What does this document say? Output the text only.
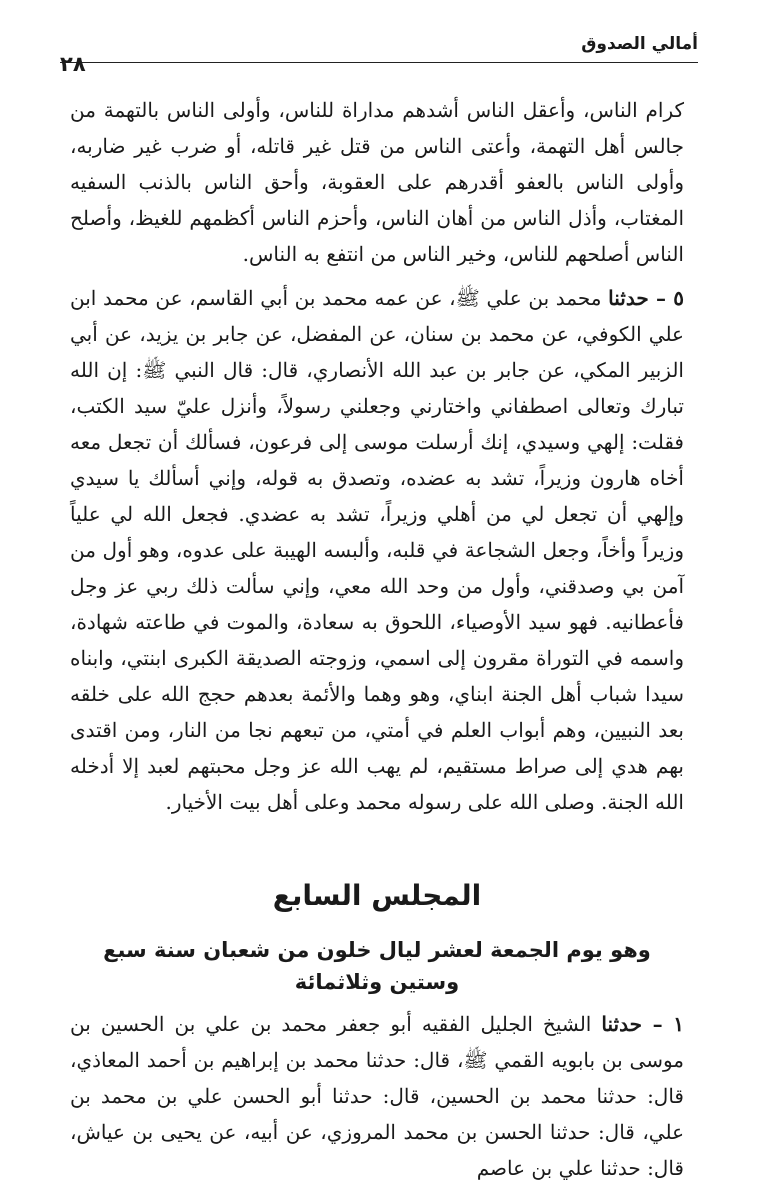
أمالي الصدوق
٢٨

كرام الناس، وأعقل الناس أشدهم مداراة للناس، وأولى الناس بالتهمة من جالس أهل التهمة، وأعتى الناس من قتل غير قاتله، أو ضرب غير ضاربه، وأولى الناس بالعفو أقدرهم على العقوبة، وأحق الناس بالذنب السفيه المغتاب، وأذل الناس من أهان الناس، وأحزم الناس أكظمهم للغيظ، وأصلح الناس أصلحهم للناس، وخير الناس من انتفع به الناس.

٥ – حدثنا محمد بن علي ﷺ، عن عمه محمد بن أبي القاسم، عن محمد ابن علي الكوفي، عن محمد بن سنان، عن المفضل، عن جابر بن يزيد، عن أبي الزبير المكي، عن جابر بن عبد الله الأنصاري، قال: قال النبي ﷺ: إن الله تبارك وتعالى اصطفاني واختارني وجعلني رسولاً، وأنزل عليّ سيد الكتب، فقلت: إلهي وسيدي، إنك أرسلت موسى إلى فرعون، فسألك أن تجعل معه أخاه هارون وزيراً، تشد به عضده، وتصدق به قوله، وإني أسألك يا سيدي وإلهي أن تجعل لي من أهلي وزيراً، تشد به عضدي. فجعل الله لي علياً وزيراً وأخاً، وجعل الشجاعة في قلبه، وألبسه الهيبة على عدوه، وهو أول من آمن بي وصدقني، وأول من وحد الله معي، وإني سألت ذلك ربي عز وجل فأعطانيه. فهو سيد الأوصياء، اللحوق به سعادة، والموت في طاعته شهادة، واسمه في التوراة مقرون إلى اسمي، وزوجته الصديقة الكبرى ابنتي، وابناه سيدا شباب أهل الجنة ابناي، وهو وهما والأئمة بعدهم حجج الله على خلقه بعد النبيين، وهم أبواب العلم في أمتي، من تبعهم نجا من النار، ومن اقتدى بهم هدي إلى صراط مستقيم، لم يهب الله عز وجل محبتهم لعبد إلا أدخله الله الجنة. وصلى الله على رسوله محمد وعلى أهل بيت الأخيار.

المجلس السابع
وهو يوم الجمعة لعشر ليال خلون من شعبان سنة سبع وستين وثلاثمائة

١ – حدثنا الشيخ الجليل الفقيه أبو جعفر محمد بن علي بن الحسين بن موسى بن بابويه القمي ﷺ، قال: حدثنا محمد بن إبراهيم بن أحمد المعاذي، قال: حدثنا محمد بن الحسين، قال: حدثنا أبو الحسن علي بن محمد بن علي، قال: حدثنا الحسن بن محمد المروزي، عن أبيه، عن يحيى بن عياش، قال: حدثنا علي بن عاصم
